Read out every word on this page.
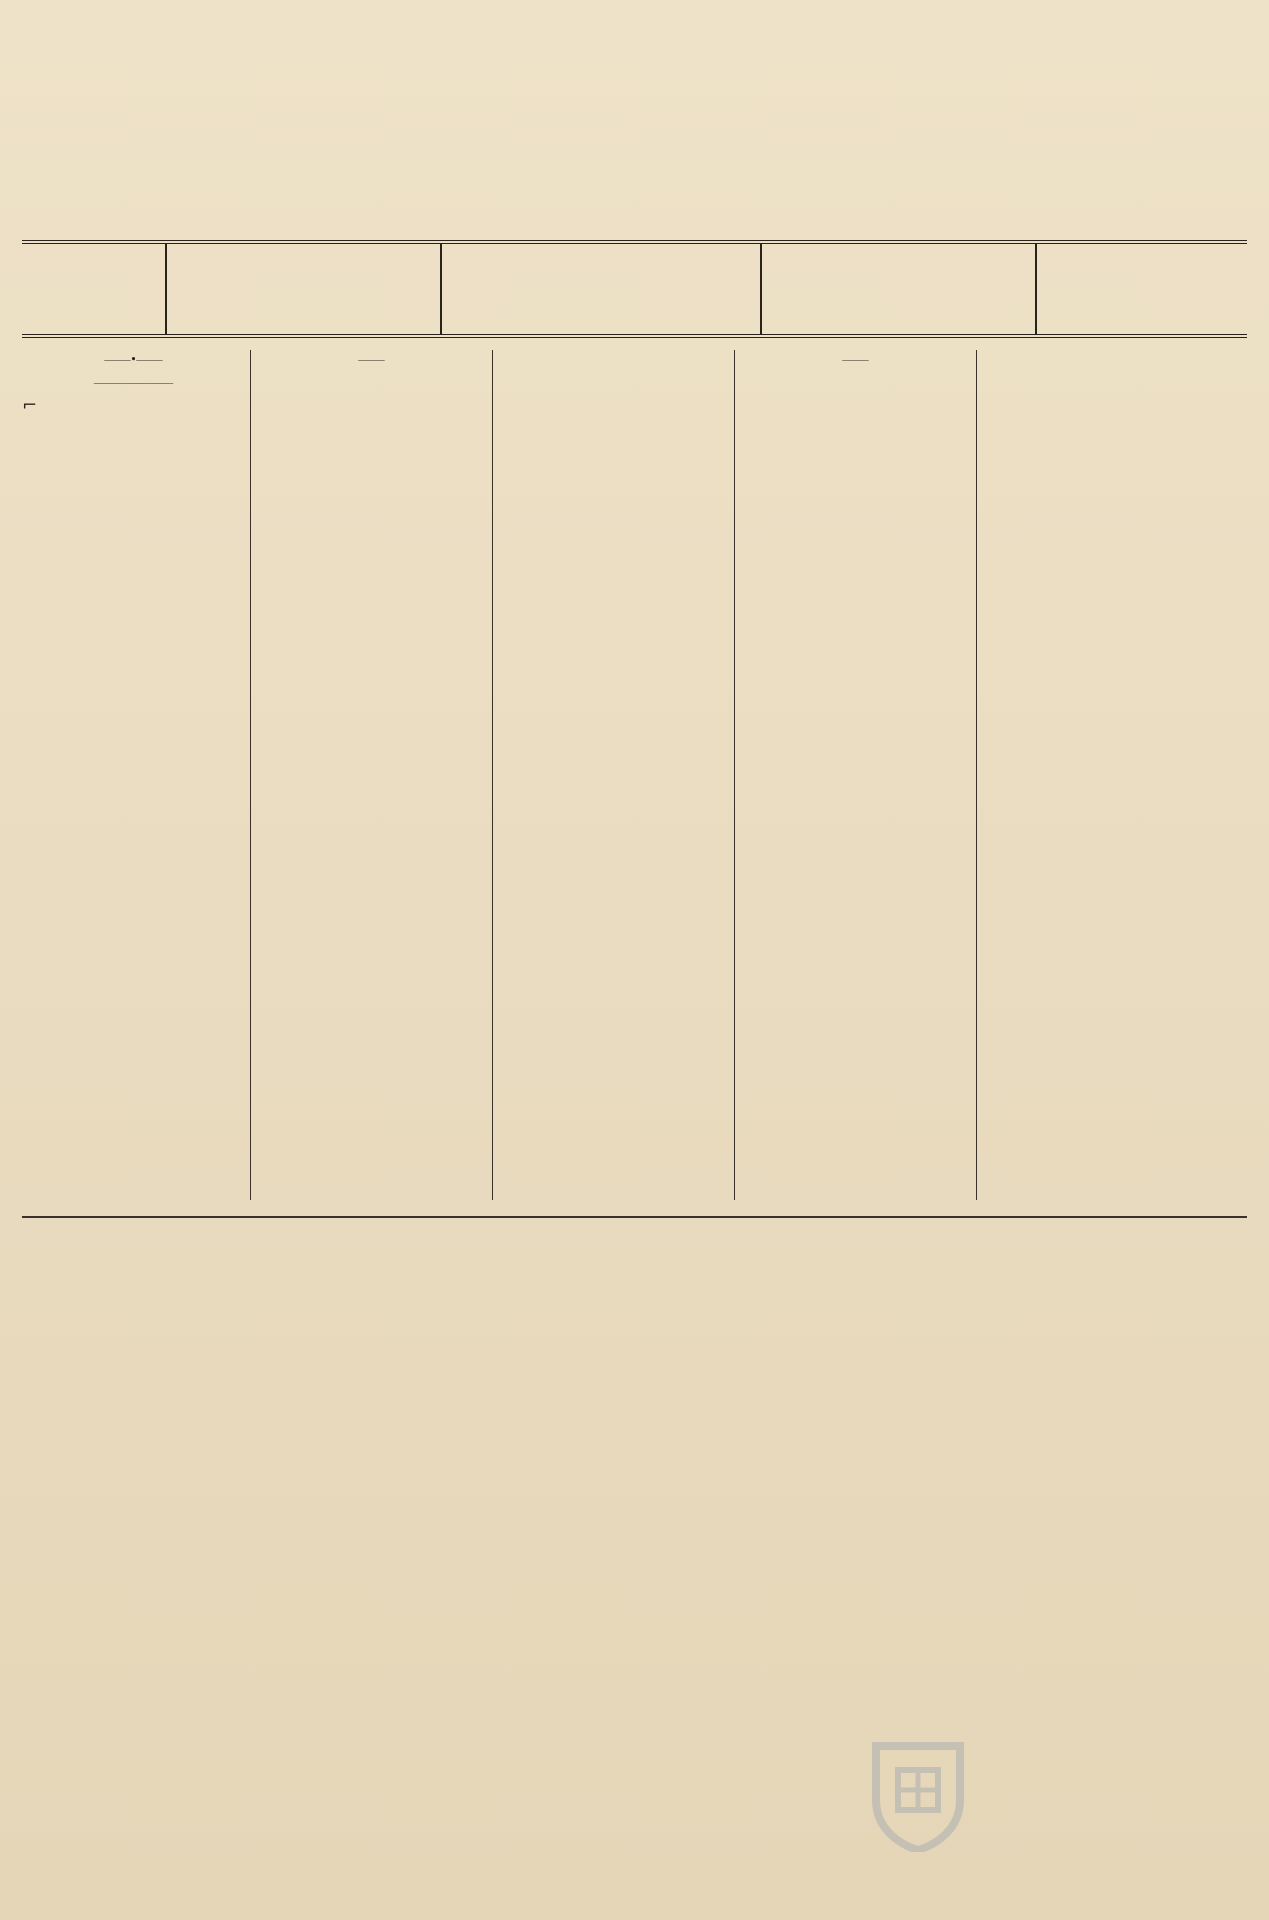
⸻•⸻

⸻⸻⸻
⌐
⸻	⸻
